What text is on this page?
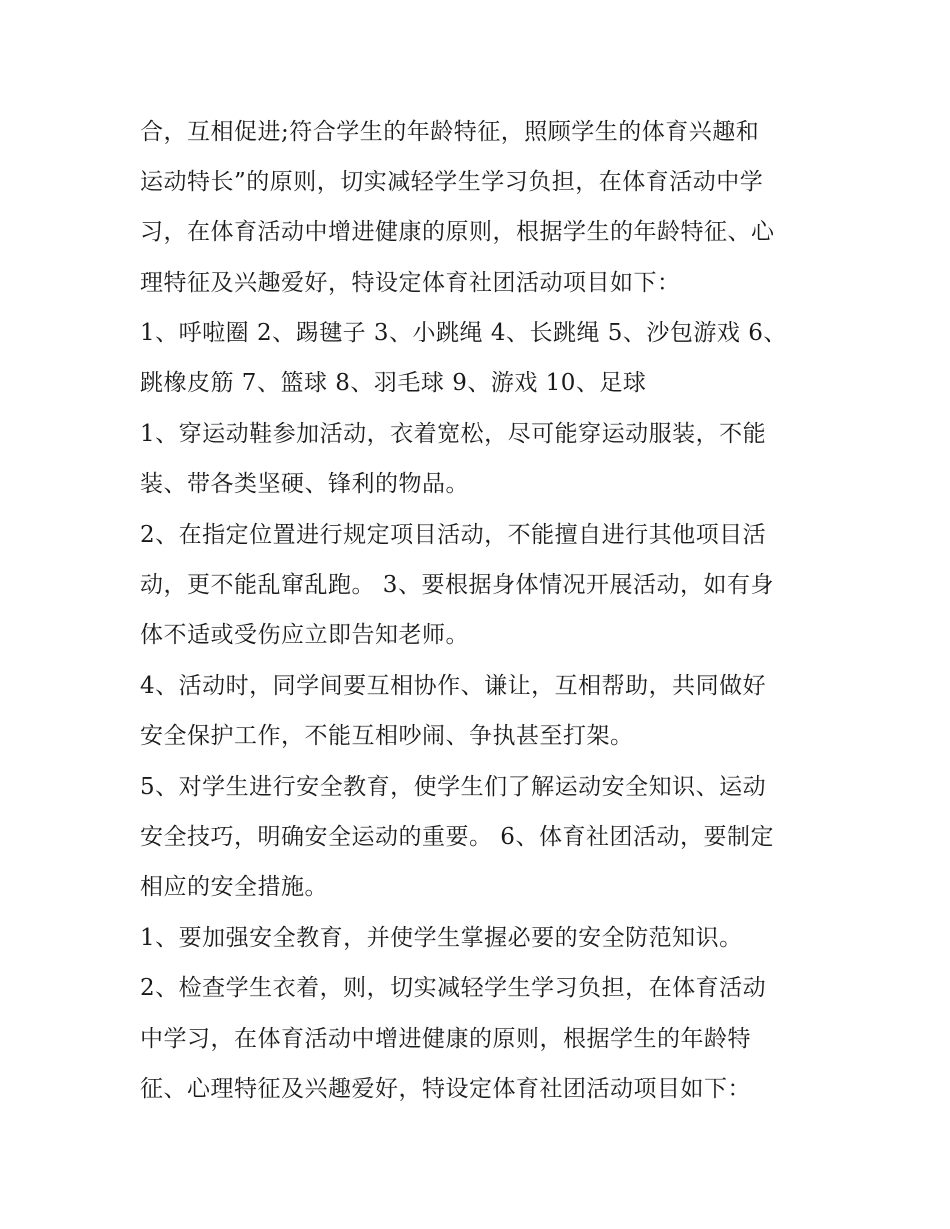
合，互相促进;符合学生的年龄特征，照顾学生的体育兴趣和
运动特长”的原则，切实减轻学生学习负担，在体育活动中学
习，在体育活动中增进健康的原则，根据学生的年龄特征、心
理特征及兴趣爱好，特设定体育社团活动项目如下：
1、呼啦圈 2、踢毽子 3、小跳绳 4、长跳绳 5、沙包游戏 6、
跳橡皮筋 7、篮球 8、羽毛球 9、游戏 10、足球
1、穿运动鞋参加活动，衣着宽松，尽可能穿运动服装，不能
装、带各类坚硬、锋利的物品。
2、在指定位置进行规定项目活动，不能擅自进行其他项目活
动，更不能乱窜乱跑。 3、要根据身体情况开展活动，如有身
体不适或受伤应立即告知老师。
4、活动时，同学间要互相协作、谦让，互相帮助，共同做好
安全保护工作，不能互相吵闹、争执甚至打架。
5、对学生进行安全教育，使学生们了解运动安全知识、运动
安全技巧，明确安全运动的重要。 6、体育社团活动，要制定
相应的安全措施。
1、要加强安全教育，并使学生掌握必要的安全防范知识。
2、检查学生衣着，则，切实减轻学生学习负担，在体育活动
中学习，在体育活动中增进健康的原则，根据学生的年龄特
征、心理特征及兴趣爱好，特设定体育社团活动项目如下：
